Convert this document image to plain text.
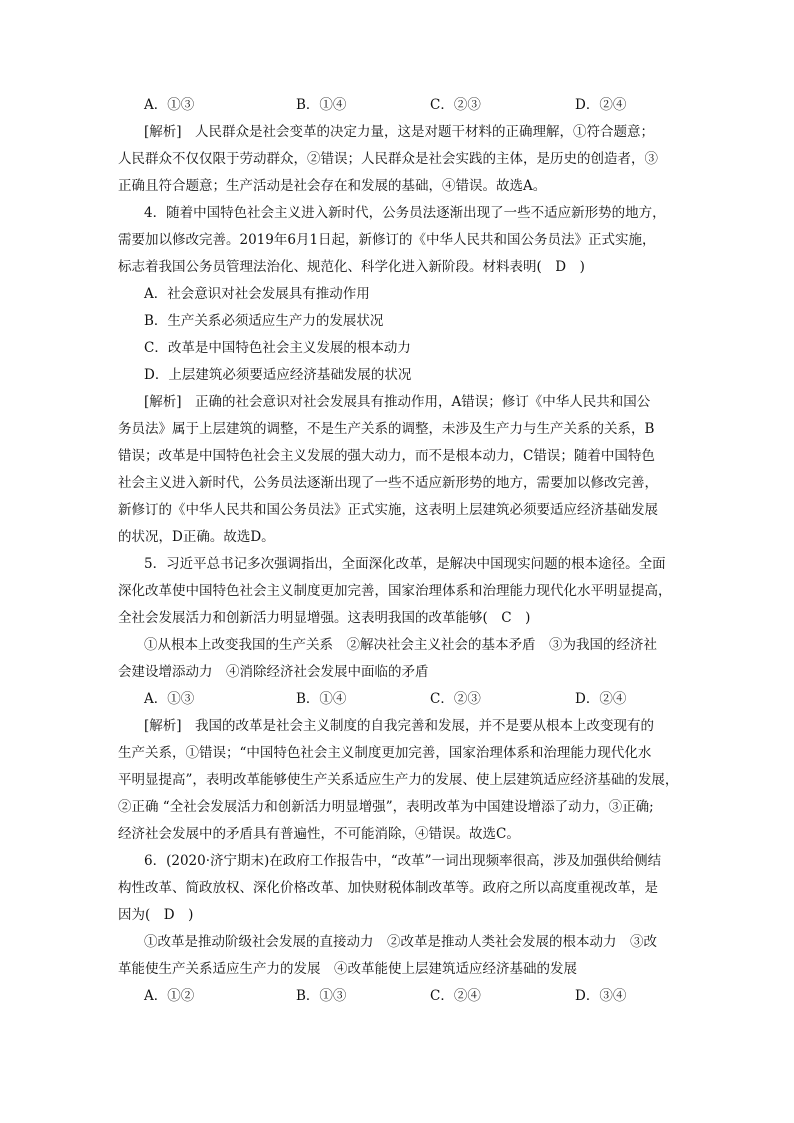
A．①③	B．①④	C．②③	D．②④
[解析]　人民群众是社会变革的决定力量，这是对题干材料的正确理解，①符合题意；
人民群众不仅仅限于劳动群众，②错误；人民群众是社会实践的主体，是历史的创造者，③
正确且符合题意；生产活动是社会存在和发展的基础，④错误。故选A。
4．随着中国特色社会主义进入新时代，公务员法逐渐出现了一些不适应新形势的地方，
需要加以修改完善。2019年6月1日起，新修订的《中华人民共和国公务员法》正式实施，
标志着我国公务员管理法治化、规范化、科学化进入新阶段。材料表明(　D　)
A．社会意识对社会发展具有推动作用
B．生产关系必须适应生产力的发展状况
C．改革是中国特色社会主义发展的根本动力
D．上层建筑必须要适应经济基础发展的状况
[解析]　正确的社会意识对社会发展具有推动作用，A错误；修订《中华人民共和国公
务员法》属于上层建筑的调整，不是生产关系的调整，未涉及生产力与生产关系的关系，B
错误；改革是中国特色社会主义发展的强大动力，而不是根本动力，C错误；随着中国特色
社会主义进入新时代，公务员法逐渐出现了一些不适应新形势的地方，需要加以修改完善，
新修订的《中华人民共和国公务员法》正式实施，这表明上层建筑必须要适应经济基础发展
的状况，D正确。故选D。
5．习近平总书记多次强调指出，全面深化改革，是解决中国现实问题的根本途径。全面
深化改革使中国特色社会主义制度更加完善，国家治理体系和治理能力现代化水平明显提高，
全社会发展活力和创新活力明显增强。这表明我国的改革能够(　C　)
①从根本上改变我国的生产关系　②解决社会主义社会的基本矛盾　③为我国的经济社
会建设增添动力　④消除经济社会发展中面临的矛盾
A．①③	B．①④	C．②③	D．②④
[解析]　我国的改革是社会主义制度的自我完善和发展，并不是要从根本上改变现有的
生产关系，①错误；“中国特色社会主义制度更加完善，国家治理体系和治理能力现代化水
平明显提高”，表明改革能够使生产关系适应生产力的发展、使上层建筑适应经济基础的发展，
②正确 “全社会发展活力和创新活力明显增强”，表明改革为中国建设增添了动力，③正确;
经济社会发展中的矛盾具有普遍性，不可能消除，④错误。故选C。
6．(2020·济宁期末)在政府工作报告中，“改革”一词出现频率很高，涉及加强供给侧结
构性改革、简政放权、深化价格改革、加快财税体制改革等。政府之所以高度重视改革，是
因为(　D　)
①改革是推动阶级社会发展的直接动力　②改革是推动人类社会发展的根本动力　③改
革能使生产关系适应生产力的发展　④改革能使上层建筑适应经济基础的发展
A．①②	B．①③	C．②④	D．③④
